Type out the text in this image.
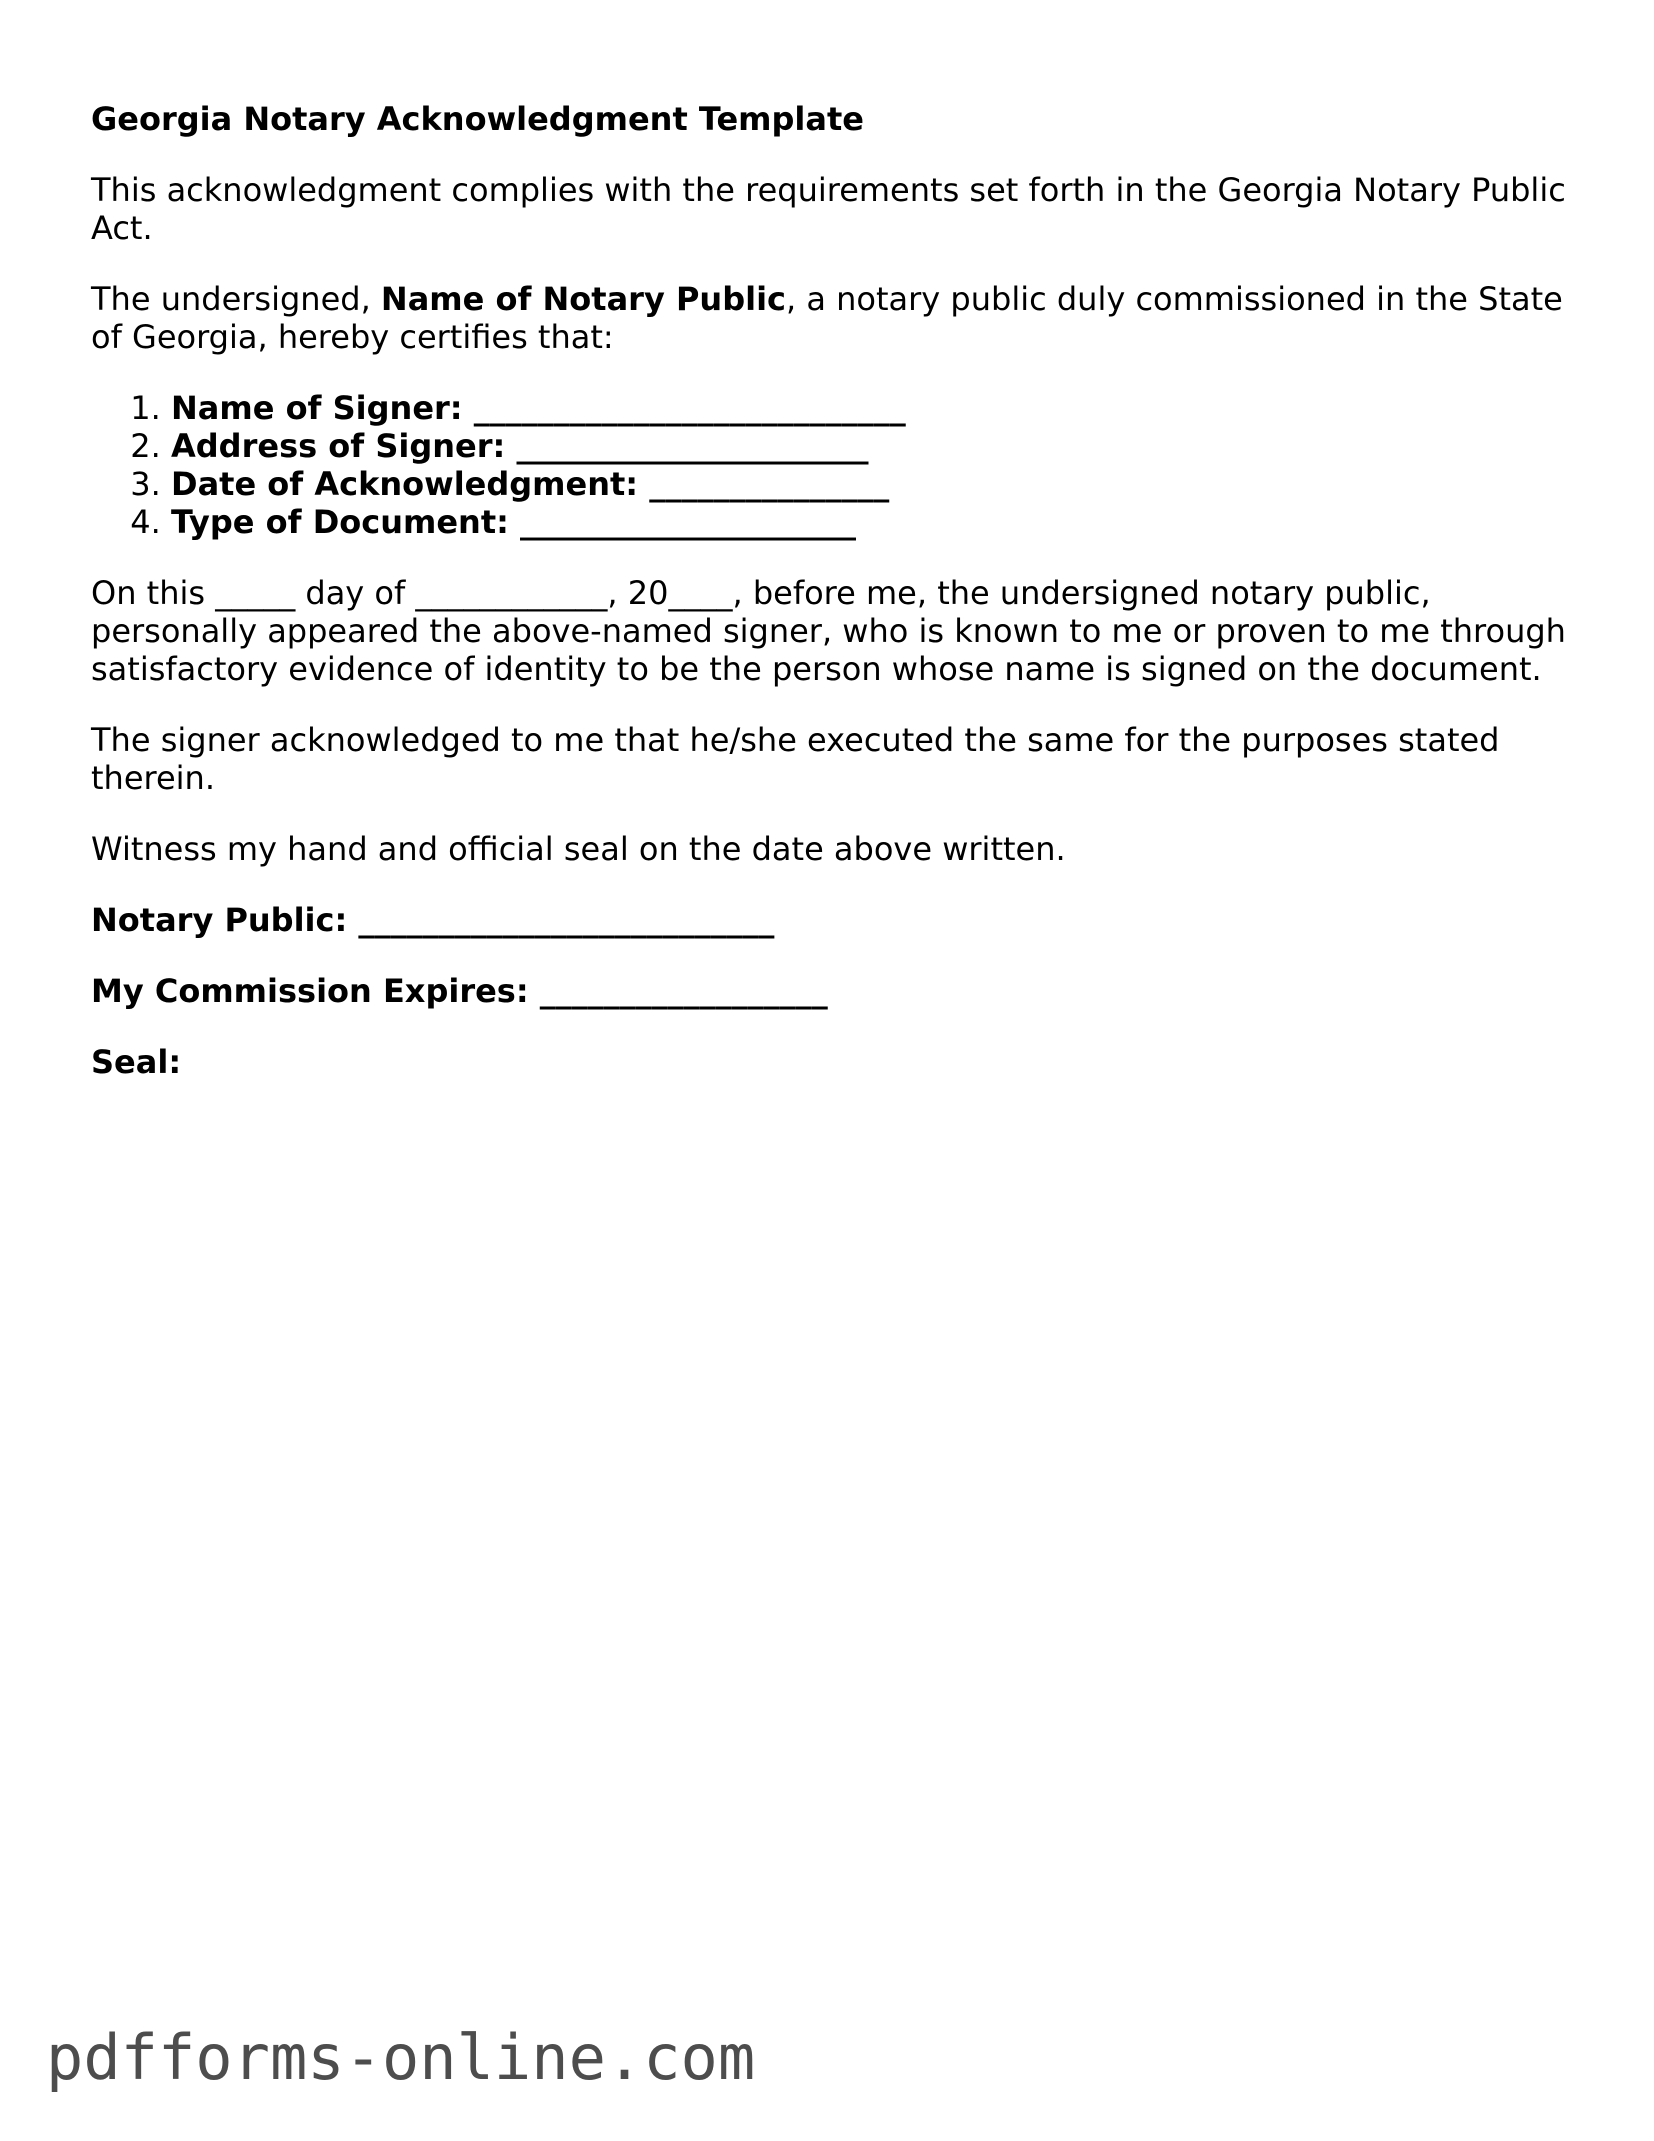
Georgia Notary Acknowledgment Template

This acknowledgment complies with the requirements set forth in the Georgia Notary Public Act.

The undersigned, Name of Notary Public, a notary public duly commissioned in the State of Georgia, hereby certifies that:

1. Name of Signer: ___________________________
2. Address of Signer: ______________________
3. Date of Acknowledgment: _______________
4. Type of Document: _____________________

On this _____ day of ____________, 20____, before me, the undersigned notary public, personally appeared the above-named signer, who is known to me or proven to me through satisfactory evidence of identity to be the person whose name is signed on the document.

The signer acknowledged to me that he/she executed the same for the purposes stated therein.

Witness my hand and official seal on the date above written.

Notary Public: __________________________
My Commission Expires: __________________
Seal:
pdfforms-online.com
